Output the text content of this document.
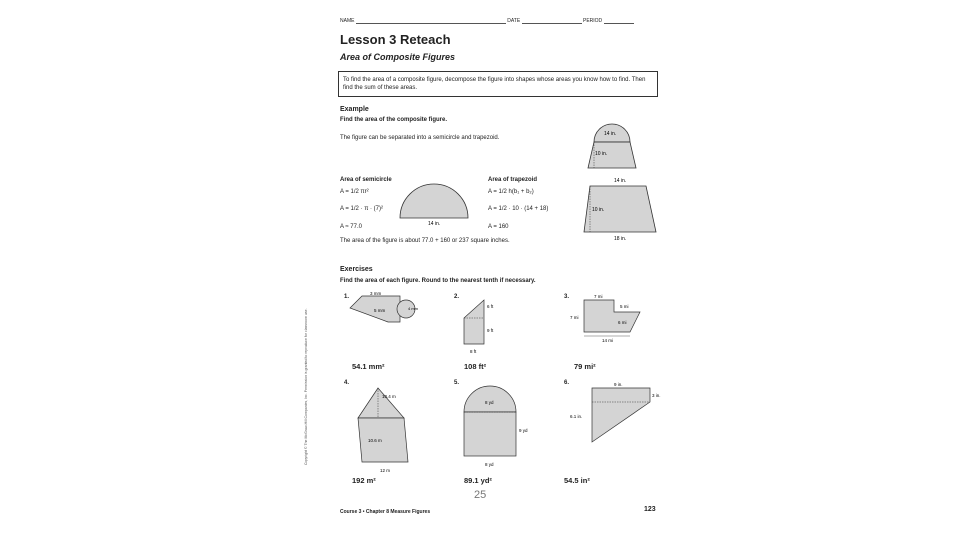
Copyright © The McGraw-Hill Companies, Inc. Permission is granted to reproduce for classroom use.
NAME	DATE	PERIOD
Lesson 3 Reteach
Area of Composite Figures
To find the area of a composite figure, decompose the figure into shapes whose areas you know how to find. Then find the sum of these areas.
Example
Find the area of the composite figure.
The figure can be separated into a semicircle and trapezoid.
14 in.
10 in.
Area of semicircle
A = 1/2 πr²
A = 1/2 · π · (7)²
A ≈ 77.0	14 in.
Area of trapezoid
A = 1/2 h(b₁ + b₂)
A = 1/2 · 10 · (14 + 18)
A = 160
14 in.
10 in.
18 in.
The area of the figure is about 77.0 + 160 or 237 square inches.
Exercises
Find the area of each figure. Round to the nearest tenth if necessary.
1.
3 mm
5 mm	4 mm
54.1 mm²
2.
6 ft
9 ft
8 ft
108 ft²
3.	7 mi
5 mi
7 mi
6 mi
14 mi
79 mi²
4.
10.4 m
10.6 m
12 m
192 m²
5.
8 yd
9 yd
8 yd
89.1 yd²
6.	9 in.
3 in.
6.1 in.
54.5 in²
Course 3 • Chapter 8 Measure Figures	123
25
